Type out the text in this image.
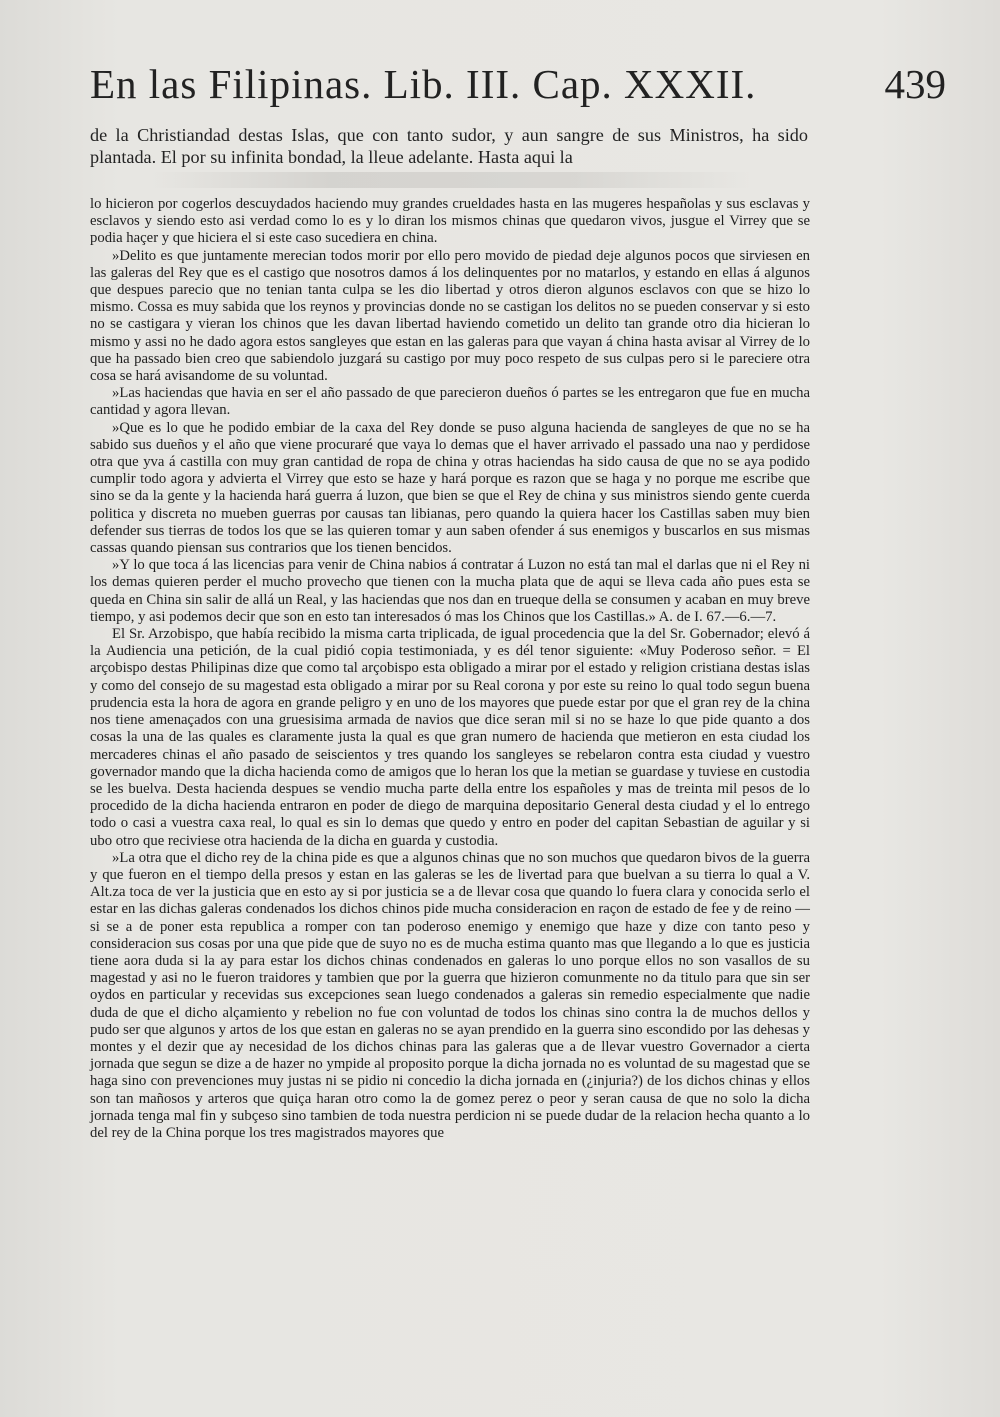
En las Filipinas. Lib. III. Cap. XXXII.	439

de la Christiandad destas Islas, que con tanto sudor, y aun sangre de sus Ministros, ha sido plantada. El por su infinita bondad, la lleue adelante. Hasta aqui la

lo hicieron por cogerlos descuydados haciendo muy grandes crueldades hasta en las mugeres hespañolas y sus esclavas y esclavos y siendo esto asi verdad como lo es y lo diran los mismos chinas que quedaron vivos, jusgue el Virrey que se podia haçer y que hiciera el si este caso sucediera en china.

»Delito es que juntamente merecian todos morir por ello pero movido de piedad deje algunos pocos que sirviesen en las galeras del Rey que es el castigo que nosotros damos á los delinquentes por no matarlos, y estando en ellas á algunos que despues parecio que no tenian tanta culpa se les dio libertad y otros dieron algunos esclavos con que se hizo lo mismo. Cossa es muy sabida que los reynos y provincias donde no se castigan los delitos no se pueden conservar y si esto no se castigara y vieran los chinos que les davan libertad haviendo cometido un delito tan grande otro dia hicieran lo mismo y assi no he dado agora estos sangleyes que estan en las galeras para que vayan á china hasta avisar al Virrey de lo que ha passado bien creo que sabiendolo juzgará su castigo por muy poco respeto de sus culpas pero si le pareciere otra cosa se hará avisandome de su voluntad.

»Las haciendas que havia en ser el año passado de que parecieron dueños ó partes se les entregaron que fue en mucha cantidad y agora llevan.

»Que es lo que he podido embiar de la caxa del Rey donde se puso alguna hacienda de sangleyes de que no se ha sabido sus dueños y el año que viene procuraré que vaya lo demas que el haver arrivado el passado una nao y perdidose otra que yva á castilla con muy gran cantidad de ropa de china y otras haciendas ha sido causa de que no se aya podido cumplir todo agora y advierta el Virrey que esto se haze y hará porque es razon que se haga y no porque me escribe que sino se da la gente y la hacienda hará guerra á luzon, que bien se que el Rey de china y sus ministros siendo gente cuerda politica y discreta no mueben guerras por causas tan libianas, pero quando la quiera hacer los Castillas saben muy bien defender sus tierras de todos los que se las quieren tomar y aun saben ofender á sus enemigos y buscarlos en sus mismas cassas quando piensan sus contrarios que los tienen bencidos.

»Y lo que toca á las licencias para venir de China nabios á contratar á Luzon no está tan mal el darlas que ni el Rey ni los demas quieren perder el mucho provecho que tienen con la mucha plata que de aqui se lleva cada año pues esta se queda en China sin salir de allá un Real, y las haciendas que nos dan en trueque della se consumen y acaban en muy breve tiempo, y asi podemos decir que son en esto tan interesados ó mas los Chinos que los Castillas.» A. de I. 67.—6.—7.

El Sr. Arzobispo, que había recibido la misma carta triplicada, de igual procedencia que la del Sr. Gobernador; elevó á la Audiencia una petición, de la cual pidió copia testimoniada, y es dél tenor siguiente: «Muy Poderoso señor. = El arçobispo destas Philipinas dize que como tal arçobispo esta obligado a mirar por el estado y religion cristiana destas islas y como del consejo de su magestad esta obligado a mirar por su Real corona y por este su reino lo qual todo segun buena prudencia esta la hora de agora en grande peligro y en uno de los mayores que puede estar por que el gran rey de la china nos tiene amenaçados con una gruesisima armada de navios que dice seran mil si no se haze lo que pide quanto a dos cosas la una de las quales es claramente justa la qual es que gran numero de hacienda que metieron en esta ciudad los mercaderes chinas el año pasado de seiscientos y tres quando los sangleyes se rebelaron contra esta ciudad y vuestro governador mando que la dicha hacienda como de amigos que lo heran los que la metian se guardase y tuviese en custodia se les buelva. Desta hacienda despues se vendio mucha parte della entre los españoles y mas de treinta mil pesos de lo procedido de la dicha hacienda entraron en poder de diego de marquina depositario General desta ciudad y el lo entrego todo o casi a vuestra caxa real, lo qual es sin lo demas que quedo y entro en poder del capitan Sebastian de aguilar y si ubo otro que reciviese otra hacienda de la dicha en guarda y custodia.

»La otra que el dicho rey de la china pide es que a algunos chinas que no son muchos que quedaron bivos de la guerra y que fueron en el tiempo della presos y estan en las galeras se les de livertad para que buelvan a su tierra lo qual a V. Alt.za toca de ver la justicia que en esto ay si por justicia se a de llevar cosa que quando lo fuera clara y conocida serlo el estar en las dichas galeras condenados los dichos chinos pide mucha consideracion en raçon de estado de fee y de reino — si se a de poner esta republica a romper con tan poderoso enemigo y enemigo que haze y dize con tanto peso y consideracion sus cosas por una que pide que de suyo no es de mucha estima quanto mas que llegando a lo que es justicia tiene aora duda si la ay para estar los dichos chinas condenados en galeras lo uno porque ellos no son vasallos de su magestad y asi no le fueron traidores y tambien que por la guerra que hizieron comunmente no da titulo para que sin ser oydos en particular y recevidas sus excepciones sean luego condenados a galeras sin remedio especialmente que nadie duda de que el dicho alçamiento y rebelion no fue con voluntad de todos los chinas sino contra la de muchos dellos y pudo ser que algunos y artos de los que estan en galeras no se ayan prendido en la guerra sino escondido por las dehesas y montes y el dezir que ay necesidad de los dichos chinas para las galeras que a de llevar vuestro Governador a cierta jornada que segun se dize a de hazer no ympide al proposito porque la dicha jornada no es voluntad de su magestad que se haga sino con prevenciones muy justas ni se pidio ni concedio la dicha jornada en (¿injuria?) de los dichos chinas y ellos son tan mañosos y arteros que quiça haran otro como la de gomez perez o peor y seran causa de que no solo la dicha jornada tenga mal fin y subçeso sino tambien de toda nuestra perdicion ni se puede dudar de la relacion hecha quanto a lo del rey de la China porque los tres magistrados mayores que
